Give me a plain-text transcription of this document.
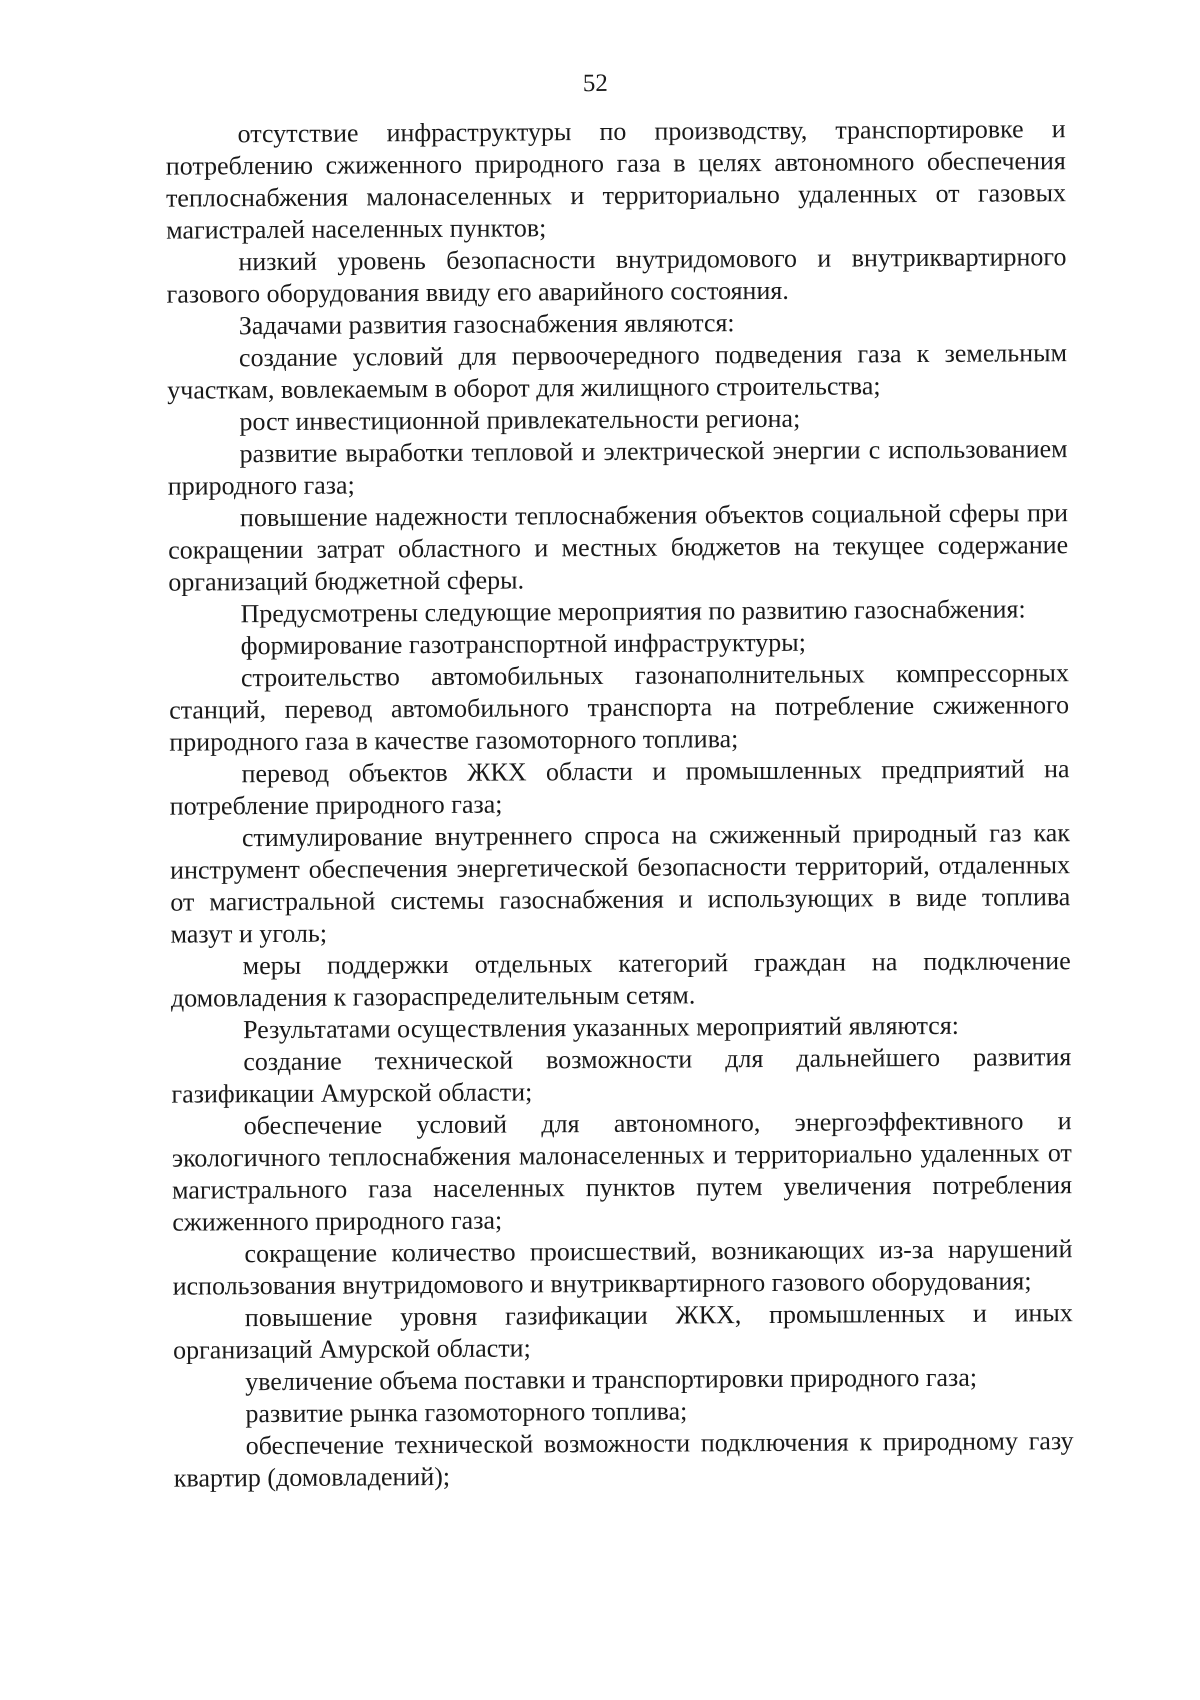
52

отсутствие инфраструктуры по производству, транспортировке и потреблению сжиженного природного газа в целях автономного обеспечения теплоснабжения малонаселенных и территориально удаленных от газовых магистралей населенных пунктов;

низкий уровень безопасности внутридомового и внутриквартирного газового оборудования ввиду его аварийного состояния.

Задачами развития газоснабжения являются:

создание условий для первоочередного подведения газа к земельным участкам, вовлекаемым в оборот для жилищного строительства;

рост инвестиционной привлекательности региона;

развитие выработки тепловой и электрической энергии с использованием природного газа;

повышение надежности теплоснабжения объектов социальной сферы при сокращении затрат областного и местных бюджетов на текущее содержание организаций бюджетной сферы.

Предусмотрены следующие мероприятия по развитию газоснабжения:

формирование газотранспортной инфраструктуры;

строительство автомобильных газонаполнительных компрессорных станций, перевод автомобильного транспорта на потребление сжиженного природного газа в качестве газомоторного топлива;

перевод объектов ЖКХ области и промышленных предприятий на потребление природного газа;

стимулирование внутреннего спроса на сжиженный природный газ как инструмент обеспечения энергетической безопасности территорий, отдаленных от магистральной системы газоснабжения и использующих в виде топлива мазут и уголь;

меры поддержки отдельных категорий граждан на подключение домовладения к газораспределительным сетям.

Результатами осуществления указанных мероприятий являются:

создание технической возможности для дальнейшего развития газификации Амурской области;

обеспечение условий для автономного, энергоэффективного и экологичного теплоснабжения малонаселенных и территориально удаленных от магистрального газа населенных пунктов путем увеличения потребления сжиженного природного газа;

сокращение количество происшествий, возникающих из-за нарушений использования внутридомового и внутриквартирного газового оборудования;

повышение уровня газификации ЖКХ, промышленных и иных организаций Амурской области;

увеличение объема поставки и транспортировки природного газа;

развитие рынка газомоторного топлива;

обеспечение технической возможности подключения к природному газу квартир (домовладений);
